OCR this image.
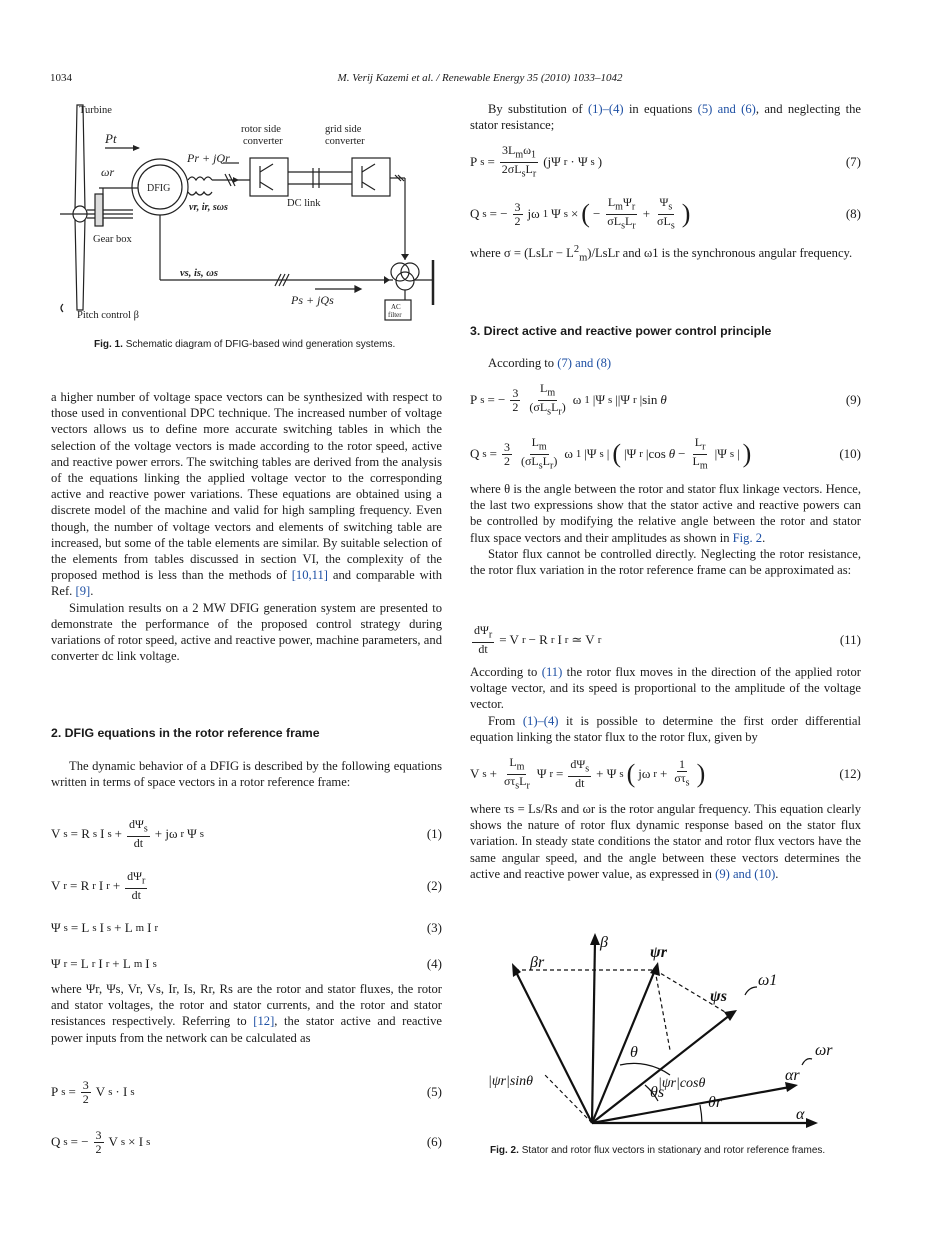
1034	M. Verij Kazemi et al. / Renewable Energy 35 (2010) 1033–1042
Turbine
rotor side
converter
grid side
converter
Pt
ωr
DFIG
Pr + jQr
vr, ir, sωs	DC link
Gear box
vs, is, ωs
Ps + jQs	AC
filter
Pitch control β
Fig. 1. Schematic diagram of DFIG-based wind generation systems.

a higher number of voltage space vectors can be synthesized with respect to those used in conventional DPC technique. The increased number of voltage vectors allows us to define more accurate switching tables in which the selection of the voltage vectors is made according to the rotor speed, active and reactive power errors. The switching tables are derived from the analysis of the equations linking the applied voltage vector to the corresponding active and reactive power variations. These equations are obtained using a discrete model of the machine and valid for high sampling frequency. Even though, the number of voltage vectors and elements of switching table are increased, but some of the table elements are similar. By suitable selection of the elements from tables discussed in section VI, the complexity of the proposed method is less than the methods of [10,11] and comparable with Ref. [9].

Simulation results on a 2 MW DFIG generation system are presented to demonstrate the performance of the proposed control strategy during variations of rotor speed, active and reactive power, machine parameters, and converter dc link voltage.

2. DFIG equations in the rotor reference frame

The dynamic behavior of a DFIG is described by the following equations written in terms of space vectors in a rotor reference frame:

V s = R s I $s + \frac{d\Psi_s}{dt} + j\omega$ r Ψ s	(1)
V r = R r I $r + \frac{d\Psi_r}{dt}$	(2)
Ψ s = L s I s + L m I r	(3)
Ψ r = L r I r + L m I s	(4)

where Ψr, Ψs, Vr, Vs, Ir, Is, Rr, Rs are the rotor and stator fluxes, the rotor and stator voltages, the rotor and stator currents, and the rotor and stator resistances respectively. Referring to [12], the stator active and reactive power inputs from the network can be calculated as

P $s = \frac{3}{2}$ V s · I s	(5)
Q s = − $\frac{3}{2}$ V s × I s	(6)

By substitution of (1)–(4) in equations (5) and (6), and neglecting the stator resistance;

P $s = \frac{3L_m\omega_1}{2\sigma L_sL_r} (j\Psi$ r · Ψ s )	(7)
Q s = − $\frac{3}{2}$ jω 1 Ψ s × ( − $\frac{L_m\Psi_r}{\sigma L_sL_r} + \frac{\Psi_s}{\sigma L_s}$ )	(8)

where σ = (LsLr − $L^2_m$)/LsLr and ω1 is the synchronous angular frequency.

3. Direct active and reactive power control principle

According to (7) and (8)

P s = − $\frac{3}{2} \frac{L_m}{(\sigma L_sL_r)}$ ω 1 |Ψ s ||Ψ r |sin θ	(9)
Q $s = \frac{3}{2} \frac{L_m}{(\sigma L_sL_r)}$ ω 1 |Ψ s | ( |Ψ r |cos $\theta - \frac{L_r}{L_m} |\Psi$ s | )	(10)

where θ is the angle between the rotor and stator flux linkage vectors. Hence, the last two expressions show that the stator active and reactive powers can be controlled by modifying the relative angle between the rotor and stator flux space vectors and their amplitudes as shown in Fig. 2.

Stator flux cannot be controlled directly. Neglecting the rotor resistance, the rotor flux variation in the rotor reference frame can be approximated as:

$\frac{d\Psi_r}{dt} = V$ r − R r I r ≃ V r	(11)

According to (11) the rotor flux moves in the direction of the applied rotor voltage vector, and its speed is proportional to the amplitude of the voltage vector.

From (1)–(4) it is possible to determine the first order differential equation linking the stator flux to the rotor flux, given by

V $s + \frac{L_m}{\sigma\tau_sL_r}$ Ψ $r = \frac{d\Psi_s}{dt} + \Psi$ s ( jω $r + \frac{1}{\sigma\tau_s}$ )	(12)

where τs = Ls/Rs and ωr is the rotor angular frequency. This equation clearly shows the nature of rotor flux dynamic response based on the stator flux variation. In steady state conditions the stator and rotor flux vectors have the same angular speed, and the angle between these vectors determines the active and reactive power value, as expressed in (9) and (10).

β
βr
ψr
ψs
ω1
θ
|ψr|cosθ
θs
ωr
αr
|ψr|sinθ
θr
α
Fig. 2. Stator and rotor flux vectors in stationary and rotor reference frames.
